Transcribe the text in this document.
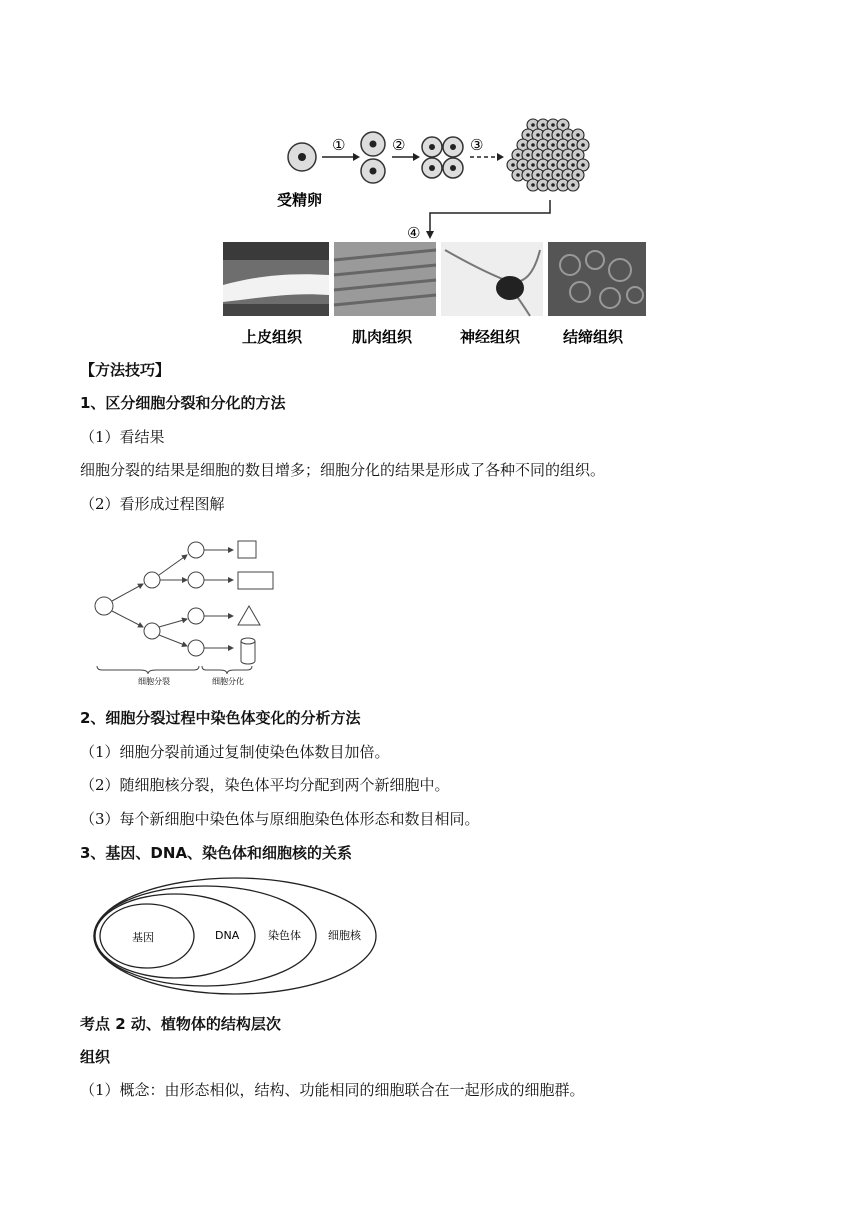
①	②	③
④
受精卵
上皮组织	肌肉组织	神经组织	结缔组织
【方法技巧】
1、区分细胞分裂和分化的方法
（1）看结果
细胞分裂的结果是细胞的数目增多；细胞分化的结果是形成了各种不同的组织。
（2）看形成过程图解
细胞分裂	细胞分化
2、细胞分裂过程中染色体变化的分析方法
（1）细胞分裂前通过复制使染色体数目加倍。
（2）随细胞核分裂，染色体平均分配到两个新细胞中。
（3）每个新细胞中染色体与原细胞染色体形态和数目相同。
3、基因、DNA、染色体和细胞核的关系
基因	DNA	染色体 细胞核
考点 2 动、植物体的结构层次
组织
（1）概念：由形态相似，结构、功能相同的细胞联合在一起形成的细胞群。
